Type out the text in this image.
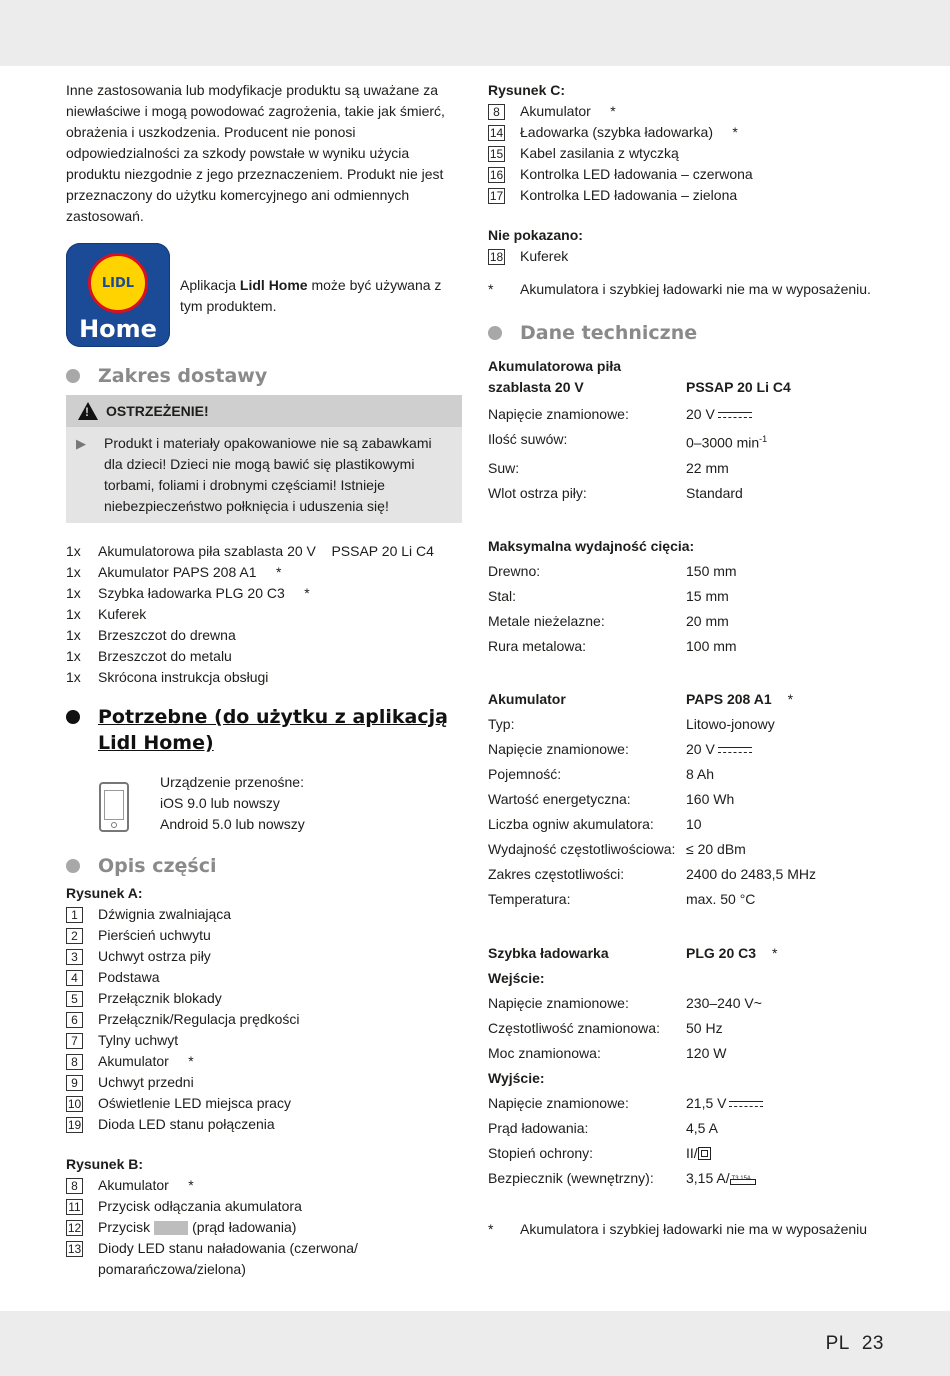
Inne zastosowania lub modyfikacje produktu są uważane za niewłaściwe i mogą powodować zagrożenia, takie jak śmierć, obrażenia i uszkodzenia. Producent nie ponosi odpowiedzialności za szkody powstałe w wyniku użycia produktu niezgodnie z jego przeznaczeniem. Produkt nie jest przeznaczony do użytku komercyjnego ani odmiennych zastosowań.

LIDL
Home
Aplikacja Lidl Home może być używana z tym produktem.
Zakres dostawy
!
OSTRZEŻENIE!
▶ Produkt i materiały opakowaniowe nie są zabawkami dla dzieci! Dzieci nie mogą bawić się plastikowymi torbami, foliami i drobnymi częściami! Istnieje niebezpieczeństwo połknięcia i uduszenia się!

1x	Akumulatorowa piła szablasta 20 V    PSSAP 20 Li C4
1x	Akumulator PAPS 208 A1     *
1x	Szybka ładowarka PLG 20 C3     *
1x	Kuferek
1x	Brzeszczot do drewna
1x	Brzeszczot do metalu
1x	Skrócona instrukcja obsługi
Potrzebne (do użytku z aplikacją Lidl Home)
Urządzenie przenośne:
iOS 9.0 lub nowszy
Android 5.0 lub nowszy
Opis części
Rysunek A:
1	Dźwignia zwalniająca
2	Pierścień uchwytu
3	Uchwyt ostrza piły
4	Podstawa
5	Przełącznik blokady
6	Przełącznik/Regulacja prędkości
7	Tylny uchwyt
8	Akumulator     *
9	Uchwyt przedni
10 Oświetlenie LED miejsca pracy
19 Dioda LED stanu połączenia
Rysunek B:
8	Akumulator     *
11 Przycisk odłączania akumulatora
12 Przycisk	(prąd ładowania)
13 Diody LED stanu naładowania (czerwona/ pomarańczowa/zielona)
Rysunek C:
8	Akumulator     *
14 Ładowarka (szybka ładowarka)     *
15 Kabel zasilania z wtyczką
16 Kontrolka LED ładowania – czerwona
17 Kontrolka LED ładowania – zielona
Nie pokazano:
18 Kuferek
*	Akumulatora i szybkiej ładowarki nie ma w wyposażeniu.
Dane techniczne
Akumulatorowa piła
szablasta 20 V	PSSAP 20 Li C4
Napięcie znamionowe:	20 V
Ilość suwów:	0–3000 $\min^{-1}$
Suw:	22 mm
Wlot ostrza piły:	Standard
Maksymalna wydajność cięcia:
Drewno:	150 mm
Stal:	15 mm
Metale nieżelazne:	20 mm
Rura metalowa:	100 mm
Akumulator	PAPS 208 A1 *
Typ:	Litowo-jonowy
Napięcie znamionowe:	20 V
Pojemność:	8 Ah
Wartość energetyczna:	160 Wh
Liczba ogniw akumulatora:	10
Wydajność częstotliwościowa: ≤ 20 dBm
Zakres częstotliwości:	2400 do 2483,5 MHz
Temperatura:	max. 50 °C
Szybka ładowarka	PLG 20 C3 *
Wejście:
Napięcie znamionowe:	230–240 V~
Częstotliwość znamionowa:	50 Hz
Moc znamionowa:	120 W
Wyjście:
Napięcie znamionowe:	21,5 V
Prąd ładowania:	4,5 A
Stopień ochrony:	II/
Bezpiecznik (wewnętrzny):	3,15 A/ T3.15A
*	Akumulatora i szybkiej ładowarki nie ma w wyposażeniu
PL 23
